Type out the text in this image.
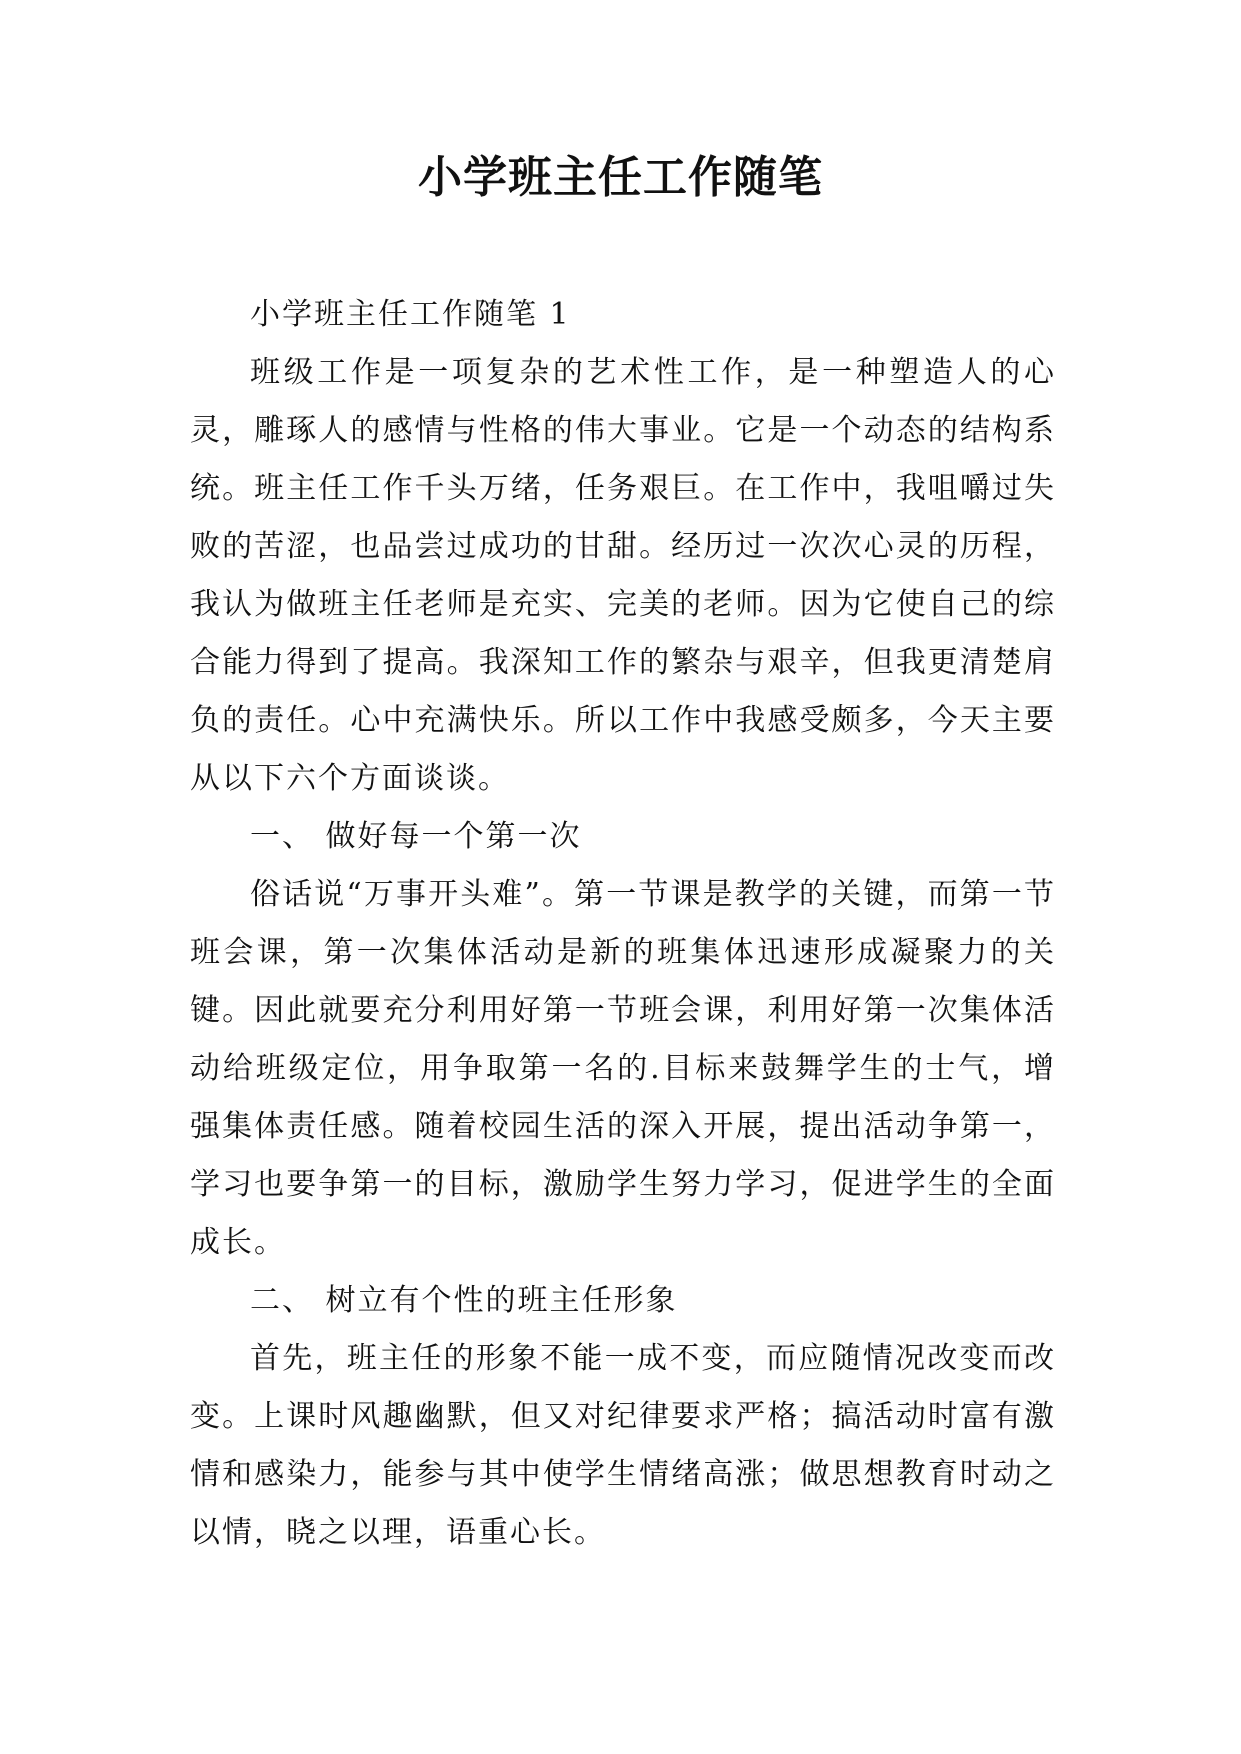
小学班主任工作随笔

小学班主任工作随笔 1

班级工作是一项复杂的艺术性工作，是一种塑造人的心灵，雕琢人的感情与性格的伟大事业。它是一个动态的结构系统。班主任工作千头万绪，任务艰巨。在工作中，我咀嚼过失败的苦涩，也品尝过成功的甘甜。经历过一次次心灵的历程，我认为做班主任老师是充实、完美的老师。因为它使自己的综合能力得到了提高。我深知工作的繁杂与艰辛，但我更清楚肩负的责任。心中充满快乐。所以工作中我感受颇多，今天主要从以下六个方面谈谈。

一、 做好每一个第一次

俗话说“万事开头难”。第一节课是教学的关键，而第一节班会课，第一次集体活动是新的班集体迅速形成凝聚力的关键。因此就要充分利用好第一节班会课，利用好第一次集体活动给班级定位，用争取第一名的.目标来鼓舞学生的士气，增强集体责任感。随着校园生活的深入开展，提出活动争第一，学习也要争第一的目标，激励学生努力学习，促进学生的全面成长。

二、 树立有个性的班主任形象

首先，班主任的形象不能一成不变，而应随情况改变而改变。上课时风趣幽默，但又对纪律要求严格；搞活动时富有激情和感染力，能参与其中使学生情绪高涨；做思想教育时动之以情，晓之以理，语重心长。
